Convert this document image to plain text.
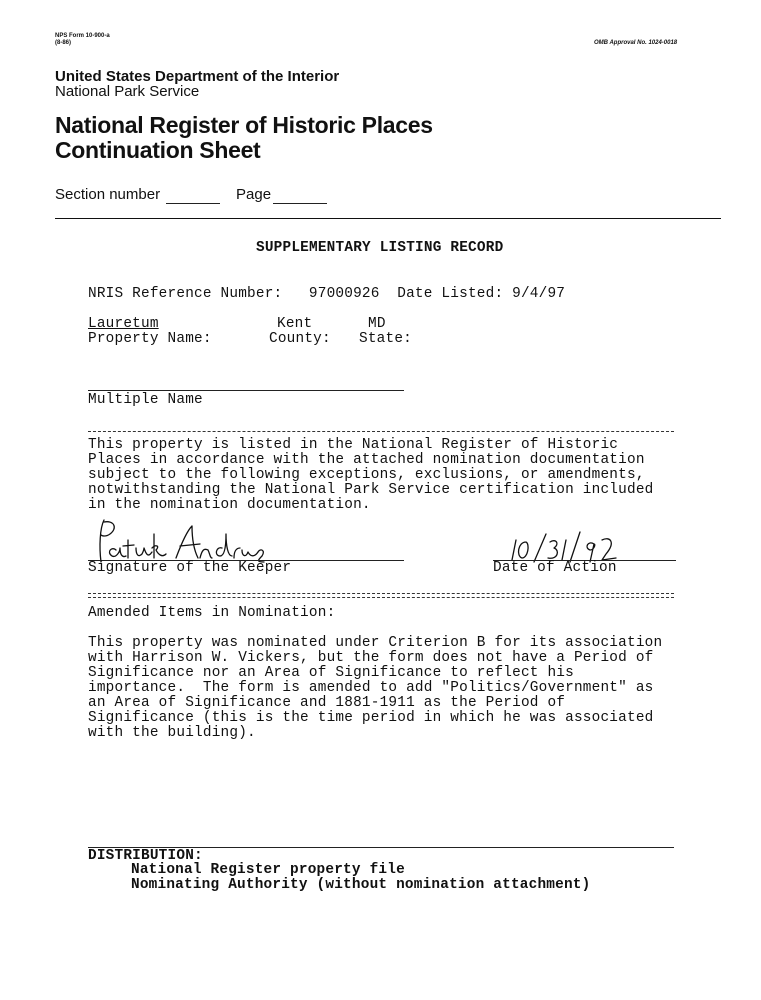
NPS Form 10-900-a
(8-86)	OMB Approval No. 1024-0018
United States Department of the Interior
National Park Service
National Register of Historic Places
Continuation Sheet
Section number	Page
SUPPLEMENTARY LISTING RECORD
NRIS Reference Number:   97000926  Date Listed: 9/4/97
Lauretum	Kent	MD
Property Name:	County: State:
Multiple Name
This property is listed in the National Register of Historic
Places in accordance with the attached nomination documentation
subject to the following exceptions, exclusions, or amendments,
notwithstanding the National Park Service certification included
in the nomination documentation.
Signature of the Keeper	Date of Action
Amended Items in Nomination:
This property was nominated under Criterion B for its association
with Harrison W. Vickers, but the form does not have a Period of
Significance nor an Area of Significance to reflect his
importance.  The form is amended to add "Politics/Government" as
an Area of Significance and 1881-1911 as the Period of
Significance (this is the time period in which he was associated
with the building).
DISTRIBUTION:
National Register property file
Nominating Authority (without nomination attachment)
